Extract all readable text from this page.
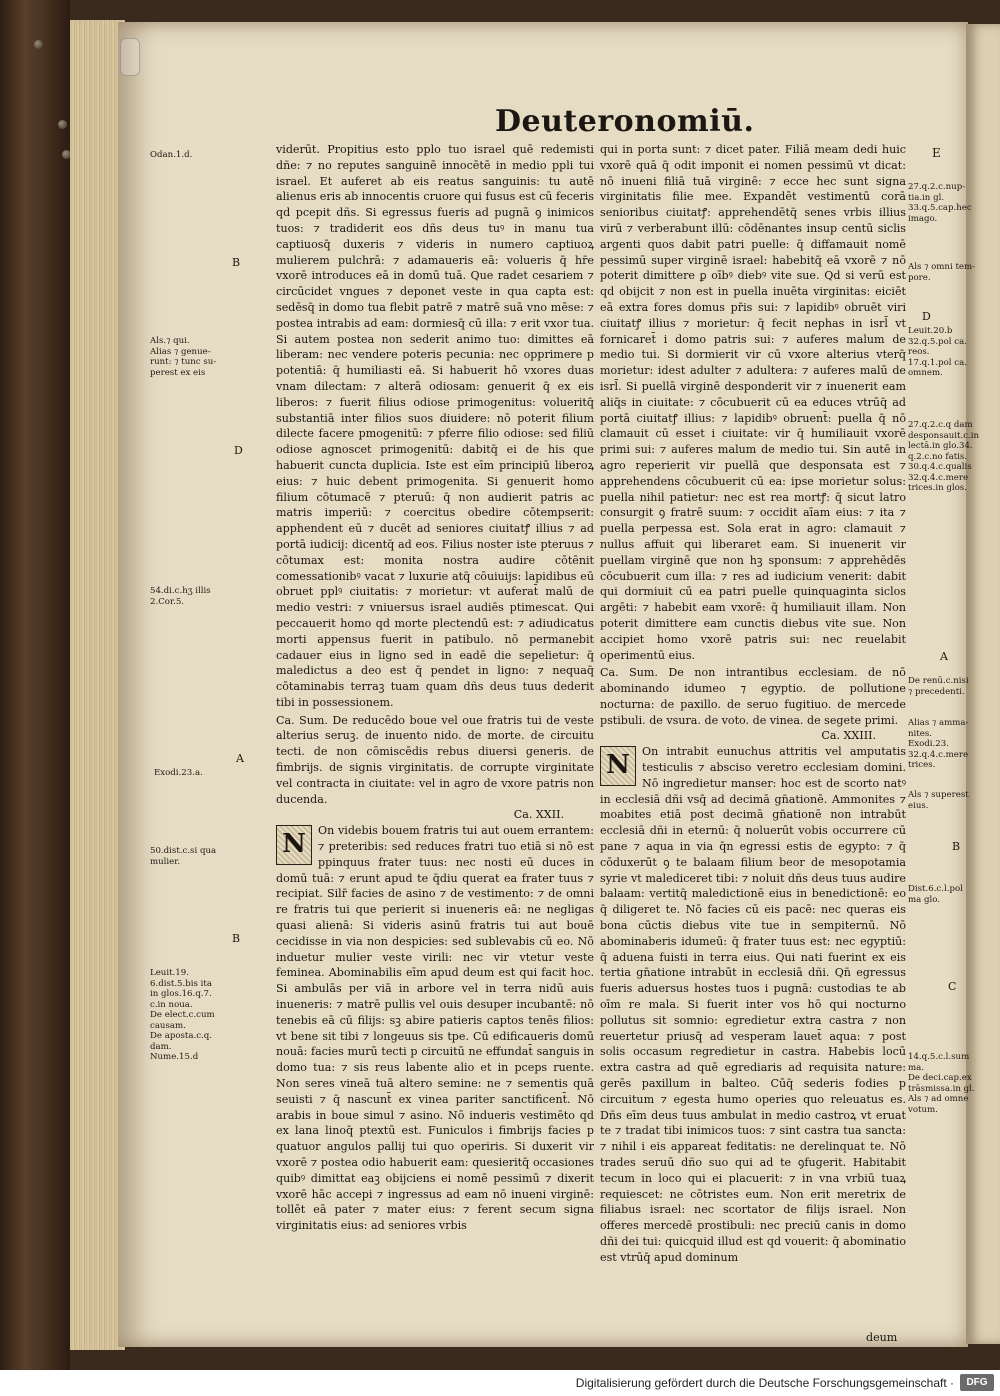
Deuteronomiū.
E
Odan.1.d.
B
Als.⁊ qui.
Alias ⁊ genue-
runt: ⁊ tunc su-
perest ex eis
D
54.di.c.hʒ illis
2.Cor.5.
A
Exodi.23.a.
50.dist.c.si qua
mulier.
B
Leuit.19.
6.dist.5.bis ita
in glos.16.q.7.
c.in noua.
De elect.c.cum
causam.
De aposta.c.q.
dam.
Nume.15.d

viderūt. Propitius esto pplo tuo israel quē redemisti dñe: ⁊ no reputes sanguinē innocētē in medio ppli tui israel. Et auferet ab eis reatus sanguinis: tu autē alienus eris ab innocentis cruore qui fusus est cū feceris qd pcepit dñs. Si egressus fueris ad pugnā ꝯ inimicos tuos: ⁊ tradiderit eos dñs deus tuꝰ in manu tua captiuosq̄ duxeris ⁊ videris in numero captiuoꝝ mulierem pulchrā: ⁊ adamaueris eā: volueris q̄ hr̄e vxorē introduces eā in domū tuā. Que radet cesariem ⁊ circūcidet vngues ⁊ deponet veste in qua capta est: sedēsq̄ in domo tua flebit patrē ⁊ matrē suā vno mēse: ⁊ postea intrabis ad eam: dormiesq̄ cū illa: ⁊ erit vxor tua. Si autem postea non sederit animo tuo: dimittes eā liberam: nec vendere poteris pecunia: nec opprimere p potentiā: q̄ humiliasti eā. Si habuerit hō vxores duas vnam dilectam: ⁊ alterā odiosam: genuerit q̄ ex eis liberos: ⁊ fuerit filius odiose primogenitus: volueritq̄ substantiā inter filios suos diuidere: nō poterit filium dilecte facere pmogenitū: ⁊ pferre filio odiose: sed filiū odiose agnoscet primogenitū: dabitq̄ ei de his que habuerit cuncta duplicia. Iste est eīm principiū liberoꝝ eius: ⁊ huic debent primogenita. Si genuerit homo filium cōtumacē ⁊ pteruū: q̄ non audierit patris ac matris imperiū: ⁊ coercitus obedire cōtempserit: apphendent eū ⁊ ducēt ad seniores ciuitatꝭ illius ⁊ ad portā iudicij: dicentq̄ ad eos. Filius noster iste pteruus ⁊ cōtumax est: monita nostra audire cōtēnit comessationibꝰ vacat ⁊ luxurie atq̄ cōuiuijs: lapidibus eū obruet pplꝰ ciuitatis: ⁊ morietur: vt auferat̄ malū de medio vestri: ⁊ vniuersus israel audiēs ptimescat. Qui peccauerit homo qd morte plectendū est: ⁊ adiudicatus morti appensus fuerit in patibulo. nō permanebit cadauer eius in ligno sed in eadē die sepelietur: q̄ maledictus a deo est q̄ pendet in ligno: ⁊ nequaq̄ cōtaminabis terraꝫ tuam quam dñs deus tuus dederit tibi in possessionem.

Ca. Sum. De reducēdo boue vel oue fratris tui de veste alterius seruꝫ. de inuento nido. de morte. de circuitu tecti. de non cōmiscēdis rebus diuersi generis. de fimbrijs. de signis virginitatis. de corrupte virginitate vel contracta in ciuitate: vel in agro de vxore patris non ducenda.

Ca. XXII.

N	On videbis bouem fratris tui aut ouem errantem: ⁊ preteribis: sed reduces fratri tuo etiā si nō est ppinquus frater tuus: nec nosti eū duces in domū tuā: ⁊ erunt apud te q̄diu querat ea frater tuus ⁊ recipiat. Silr̄ facies de asino ⁊ de vestimento: ⁊ de omni re fratris tui que perierit si inueneris eā: ne negligas quasi alienā: Si videris asinū fratris tui aut bouē cecidisse in via non despicies: sed sublevabis cū eo. Nō induetur mulier veste virili: nec vir vtetur veste feminea. Abominabilis eīm apud deum est qui facit hoc. Si ambulās per viā in arbore vel in terra nidū auis inueneris: ⁊ matrē pullis vel ouis desuper incubantē: nō tenebis eā cū filijs: sꝫ abire patieris captos tenēs filios: vt bene sit tibi ⁊ longeuus sis tpe. Cū edificaueris domū nouā: facies murū tecti p circuitū ne effundat̄ sanguis in domo tua: ⁊ sis reus labente alio et in pceps ruente. Non seres vineā tuā altero semine: ne ⁊ sementis quā seuisti ⁊ q̄ nascunt̄ ex vinea pariter sanctificent̄. Nō arabis in boue simul ⁊ asino. Nō indueris vestimēto qd ex lana linoq̄ ptextū est. Funiculos i fimbrijs facies p quatuor angulos pallij tui quo operiris. Si duxerit vir vxorē ⁊ postea odio habuerit eam: quesieritq̄ occasiones quibꝰ dimittat eaꝫ obijciens ei nomē pessimū ⁊ dixerit vxorē hāc accepi ⁊ ingressus ad eam nō inueni virginē: tollēt eā pater ⁊ mater eius: ⁊ ferent secum signa virginitatis eius: ad seniores vrbis

qui in porta sunt: ⁊ dicet pater. Filiā meam dedi huic vxorē quā q̄ odit imponit ei nomen pessimū vt dicat: nō inueni filiā tuā virginē: ⁊ ecce hec sunt signa virginitatis filie mee. Expandēt vestimentū corā senioribus ciuitatꝭ: apprehendētq̄ senes vrbis illius virū ⁊ verberabunt illū: cōdēnantes insup centū siclis argenti quos dabit patri puelle: q̄ diffamauit nomē pessimū super virginē israel: habebitq̄ eā vxorē ⁊ nō poterit dimittere ꝑ oībꝰ diebꝰ vite sue. Qd si verū est qd obijcit ⁊ non est in puella inuēta virginitas: eiciēt eā extra fores domus pr̄is sui: ⁊ lapidibꝰ obruēt viri ciuitatꝭ illius ⁊ morietur: q̄ fecit nephas in isrl̄ vt fornicaret̄ i domo patris sui: ⁊ auferes malum de medio tui. Si dormierit vir cū vxore alterius vterq̄ morietur: idest adulter ⁊ adultera: ⁊ auferes malū de isrl̄. Si puellā virginē desponderit vir ⁊ inuenerit eam aliq̄s in ciuitate: ⁊ cōcubuerit cū ea educes vtrūq̄ ad portā ciuitatꝭ illius: ⁊ lapidibꝰ obruent̄: puella q̄ nō clamauit cū esset i ciuitate: vir q̄ humiliauit vxorē primi sui: ⁊ auferes malum de medio tui. Sin autē in agro reperierit vir puellā que desponsata est ⁊ apprehendens cōcubuerit cū ea: ipse morietur solus: puella nihil patietur: nec est rea mortꝭ: q̄ sicut latro consurgit ꝯ fratrē suum: ⁊ occidit aīam eius: ⁊ ita ⁊ puella perpessa est. Sola erat in agro: clamauit ⁊ nullus affuit qui liberaret eam. Si inuenerit vir puellam virginē que non hꝫ sponsum: ⁊ apprehēdēs cōcubuerit cum illa: ⁊ res ad iudicium venerit: dabit qui dormiuit cū ea patri puelle quinquaginta siclos argēti: ⁊ habebit eam vxorē: q̄ humiliauit illam. Non poterit dimittere eam cunctis diebus vite sue. Non accipiet homo vxorē patris sui: nec reuelabit operimentū eius.

Ca. Sum. De non intrantibus ecclesiam. de nō abominando idumeo ⁊ egyptio. de pollutione nocturna: de paxillo. de seruo fugitiuo. de mercede pstibuli. de vsura. de voto. de vinea. de segete primi.

Ca. XXIII.

N	On intrabit eunuchus attritis vel amputatis testiculis ⁊ absciso veretro ecclesiam domini. Nō ingredietur manser: hoc est de scorto natꝰ in ecclesiā dñi vsq̄ ad decimā gn̄ationē. Ammonites ⁊ moabites etiā post decimā gn̄ationē non intrabūt ecclesiā dñi in eternū: q̄ noluerūt vobis occurrere cū pane ⁊ aqua in via q̄n egressi estis de egypto: ⁊ q̄ cōduxerūt ꝯ te balaam filium beor de mesopotamia syrie vt malediceret tibi: ⁊ noluit dñs deus tuus audire balaam: vertitq̄ maledictionē eius in benedictionē: eo q̄ diligeret te. Nō facies cū eis pacē: nec queras eis bona cūctis diebus vite tue in sempiternū. Nō abominaberis idumeū: q̄ frater tuus est: nec egyptiū: q̄ aduena fuisti in terra eius. Qui nati fuerint ex eis tertia gn̄atione intrabūt in ecclesiā dñi. Qn̄ egressus fueris aduersus hostes tuos i pugnā: custodias te ab oīm re mala. Si fuerit inter vos hō qui nocturno pollutus sit somnio: egredietur extra castra ⁊ non reuertetur priusq̄ ad vesperam lauet̄ aqua: ⁊ post solis occasum regredietur in castra. Habebis locū extra castra ad quē egrediaris ad requisita nature: gerēs paxillum in balteo. Cūq̄ sederis fodies p circuitum ⁊ egesta humo operies quo releuatus es. Dñs eīm deus tuus ambulat in medio castroꝝ vt eruat te ⁊ tradat tibi inimicos tuos: ⁊ sint castra tua sancta: ⁊ nihil i eis appareat feditatis: ne derelinquat te. Nō trades seruū dño suo qui ad te ꝯfugerit. Habitabit tecum in loco qui ei placuerit: ⁊ in vna vrbiū tuaꝝ requiescet: ne cōtristes eum. Non erit meretrix de filiabus israel: nec scortator de filijs israel. Non offeres mercedē prostibuli: nec preciū canis in domo dñi dei tui: quicquid illud est qd vouerit: q̄ abominatio est vtrūq̄ apud dominum

deum
27.q.2.c.nup-
tia.in gl.
33.q.5.cap.hec
imago.
Als ⁊ omni tem-
pore.
D
Leuit.20.b
32.q.5.pol ca.
reos.
17.q.1.pol ca.
omnem.
27.q.2.c.q dam
desponsauit.c.in
lectā.in glo.34.
q.2.c.no fatis.
30.q.4.c.qualis
32.q.4.c.mere
trices.in glos.
A
De renū.c.nisi
⁊ precedenti.
Alias ⁊ amma-
nites.
Exodi.23.
32.q.4.c.mere
trices.
Als ⁊ superest
eius.
B
Dist.6.c.l.pol
ma glo.
C
14.q.5.c.l.sum
ma.
De deci.cap.ex
trāsmissa.in gl.
Als ⁊ ad omne
votum.
Digitalisierung gefördert durch die Deutsche Forschungsgemeinschaft ·	DFG
